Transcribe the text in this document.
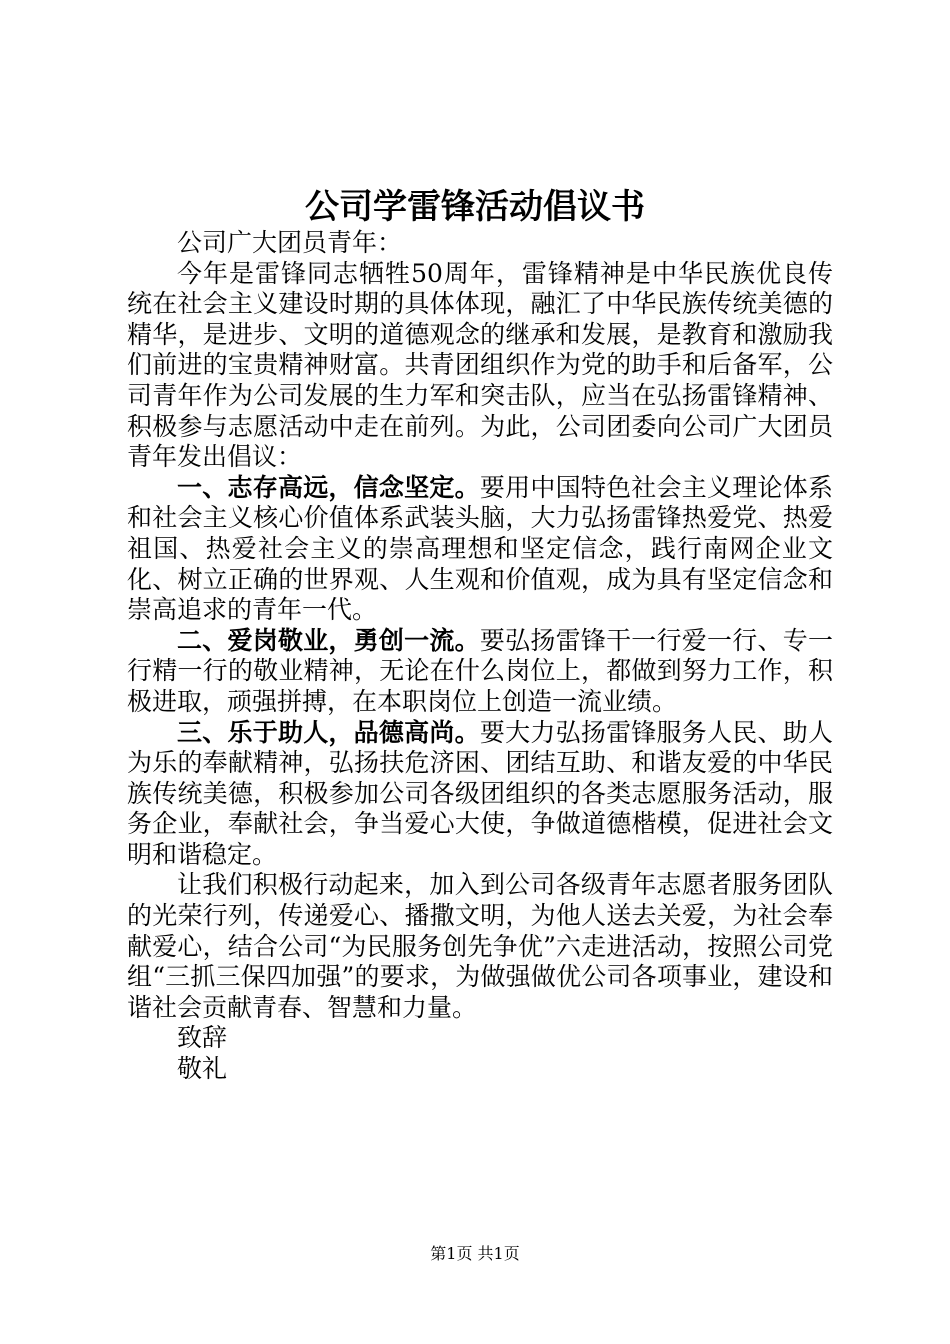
公司学雷锋活动倡议书

公司广大团员青年：

今年是雷锋同志牺牲50周年，雷锋精神是中华民族优良传统在社会主义建设时期的具体体现，融汇了中华民族传统美德的精华，是进步、文明的道德观念的继承和发展，是教育和激励我们前进的宝贵精神财富。共青团组织作为党的助手和后备军，公司青年作为公司发展的生力军和突击队，应当在弘扬雷锋精神、积极参与志愿活动中走在前列。为此，公司团委向公司广大团员青年发出倡议：

一、志存高远，信念坚定。要用中国特色社会主义理论体系和社会主义核心价值体系武装头脑，大力弘扬雷锋热爱党、热爱祖国、热爱社会主义的崇高理想和坚定信念，践行南网企业文化、树立正确的世界观、人生观和价值观，成为具有坚定信念和崇高追求的青年一代。

二、爱岗敬业，勇创一流。要弘扬雷锋干一行爱一行、专一行精一行的敬业精神，无论在什么岗位上，都做到努力工作，积极进取，顽强拼搏，在本职岗位上创造一流业绩。

三、乐于助人，品德高尚。要大力弘扬雷锋服务人民、助人为乐的奉献精神，弘扬扶危济困、团结互助、和谐友爱的中华民族传统美德，积极参加公司各级团组织的各类志愿服务活动，服务企业，奉献社会，争当爱心大使，争做道德楷模，促进社会文明和谐稳定。

让我们积极行动起来，加入到公司各级青年志愿者服务团队的光荣行列，传递爱心、播撒文明，为他人送去关爱，为社会奉献爱心，结合公司“为民服务创先争优”六走进活动，按照公司党组“三抓三保四加强”的要求，为做强做优公司各项事业，建设和谐社会贡献青春、智慧和力量。

致辞

敬礼

第1页 共1页
